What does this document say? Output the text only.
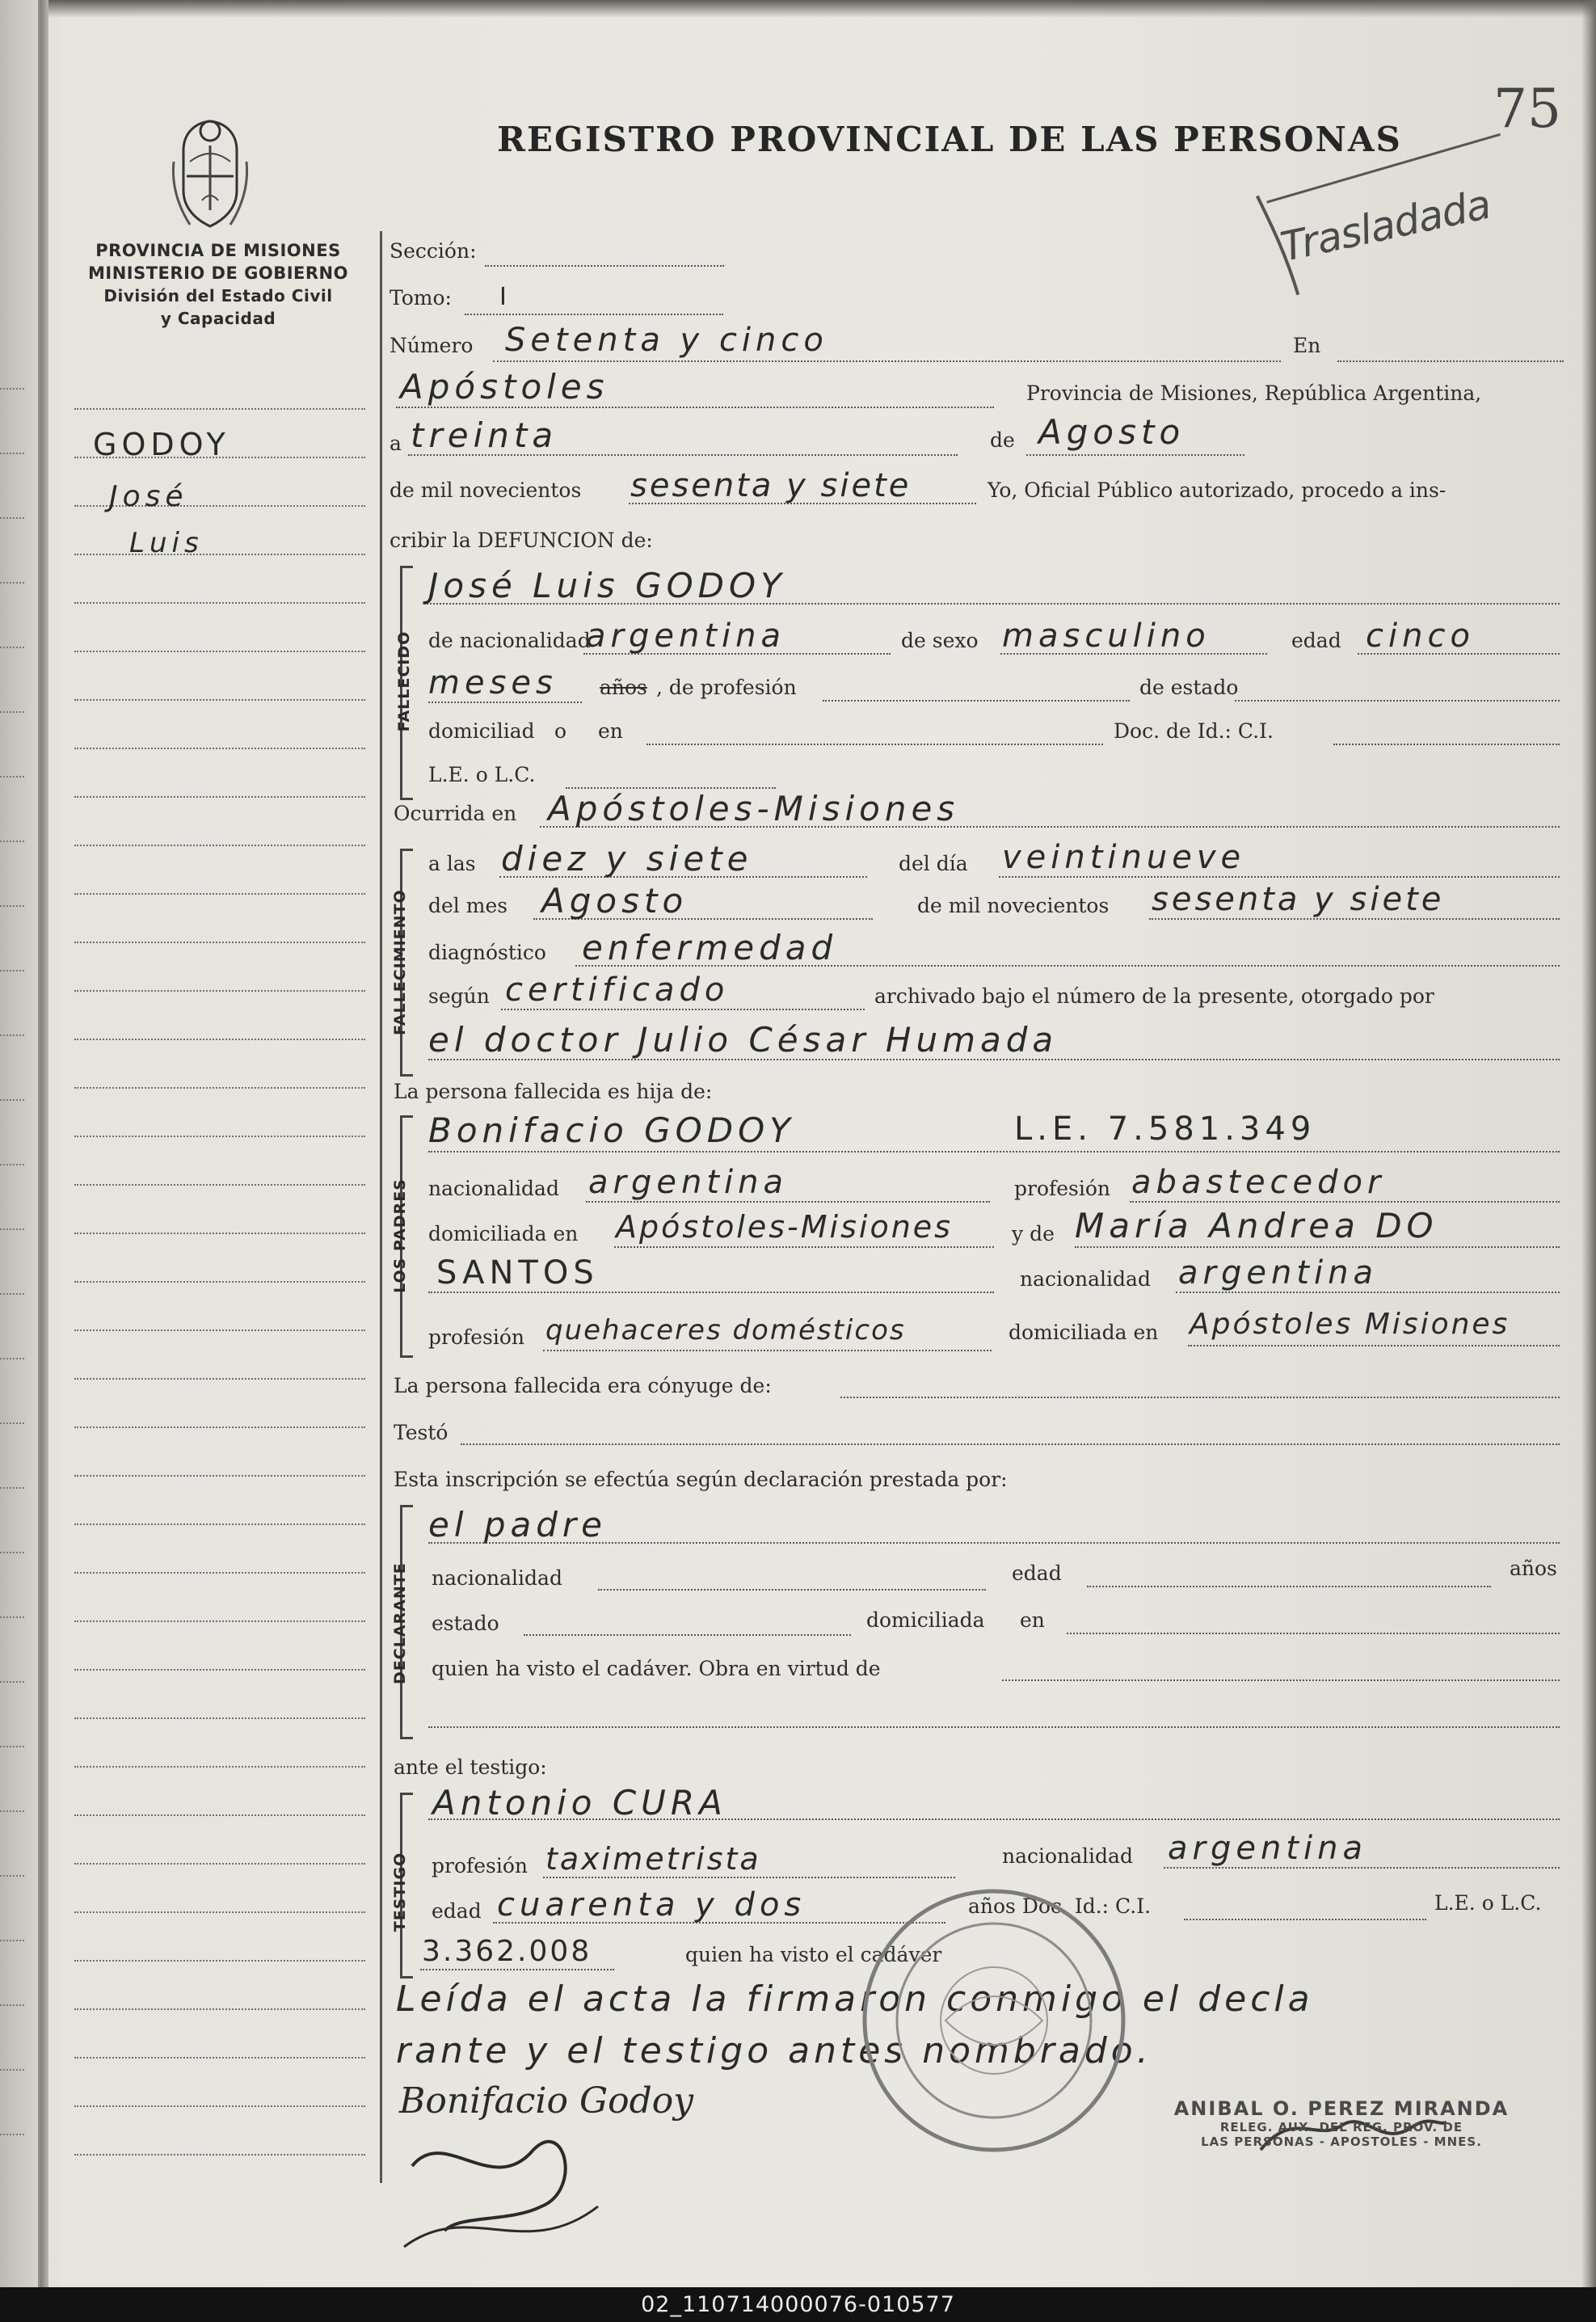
PROVINCIA DE MISIONES
MINISTERIO DE GOBIERNO
División del Estado Civil
y Capacidad
REGISTRO PROVINCIAL DE LAS PERSONAS	75
Trasladada
GODOY
José
Luis
Sección:
Tomo: I
Número Setenta y cinco	En
Apóstoles	Provincia de Misiones, República Argentina,
a treinta	de Agosto
de mil novecientos sesenta y siete	Yo, Oficial Público autorizado, procedo a ins-
cribir la DEFUNCION de:
FALLECIDO
José Luis GODOY
de nacionalidad
argentina	de sexo masculino	edad cinco
meses años , de profesión	de estado
domiciliad o en	Doc. de Id.: C.I.
L.E. o L.C.
Ocurrida en Apóstoles-Misiones
FALLECIMIENTO
a las diez y siete	del día veintinueve
del mes Agosto	de mil novecientos sesenta y siete
diagnóstico enfermedad
según certificado	archivado bajo el número de la presente, otorgado por
el doctor Julio César Humada
La persona fallecida es hija de:
LOS PADRES
Bonifacio GODOY	L.E. 7.581.349
nacionalidad argentina	profesión abastecedor
domiciliada en Apóstoles-Misiones	y de María Andrea DO
SANTOS	nacionalidad argentina
profesión quehaceres domésticos	domiciliada en Apóstoles Misiones
La persona fallecida era cónyuge de:
Testó
Esta inscripción se efectúa según declaración prestada por:
DECLARANTE
el padre
nacionalidad	edad	años
estado	domiciliada en
quien ha visto el cadáver. Obra en virtud de
ante el testigo:
TESTIGO
Antonio CURA
profesión taximetrista	nacionalidad argentina
edad cuarenta y dos	años Doc. Id.: C.I.	L.E. o L.C.
3.362.008	quien ha visto el cadáver
Leída el acta la firmaron conmigo el decla
rante y el testigo antes nombrado.
Bonifacio Godoy	ANIBAL O. PEREZ MIRANDA
RELEG. AUX. DEL REG. PROV. DE
LAS PERSONAS - APOSTOLES - MNES.
02_110714000076-010577
